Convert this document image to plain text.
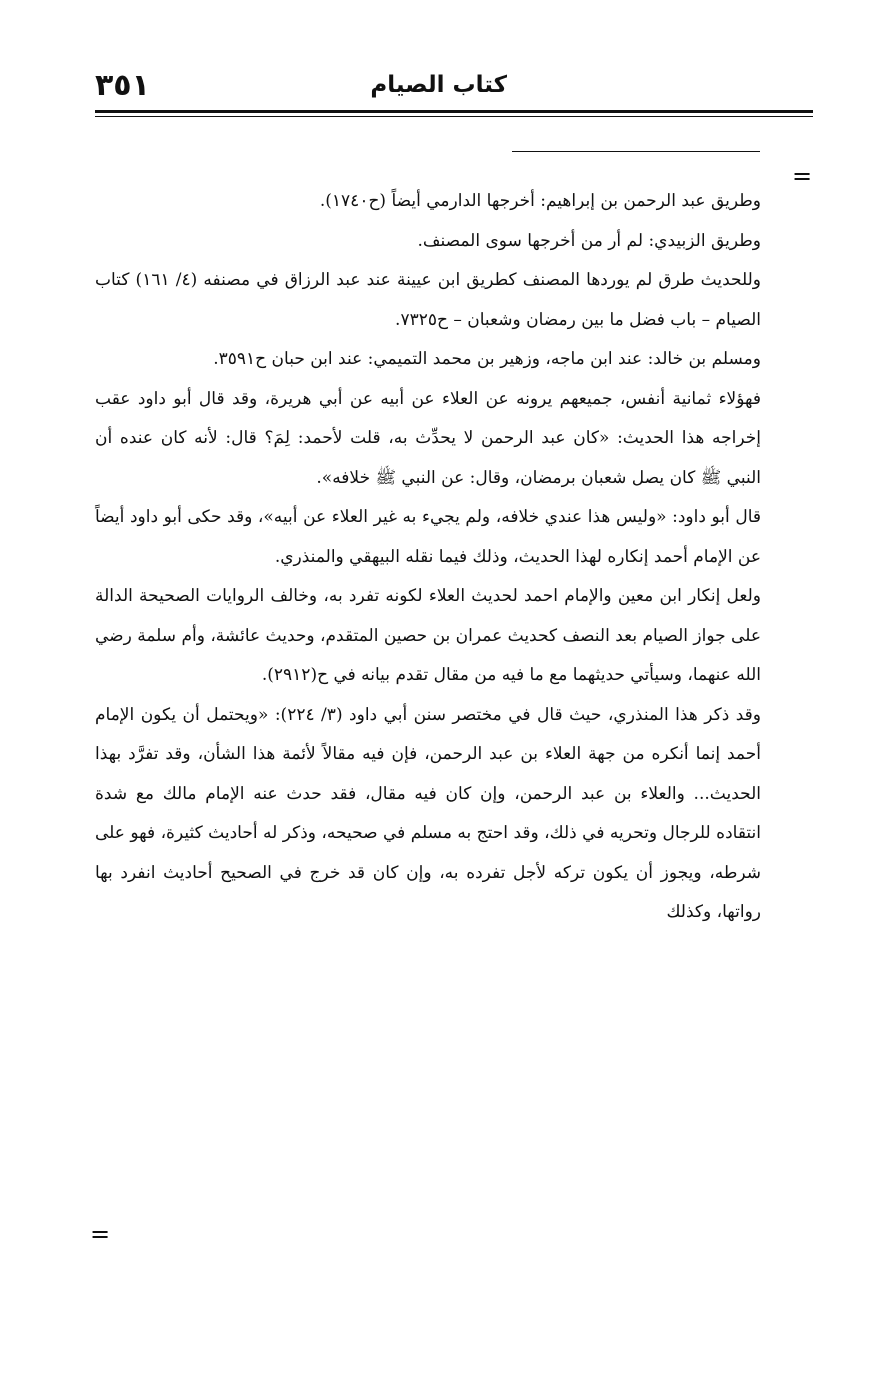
٣٥١	كتاب الصيام
=

وطريق عبد الرحمن بن إبراهيم: أخرجها الدارمي أيضاً (ح١٧٤٠).

وطريق الزبيدي: لم أر من أخرجها سوى المصنف.

وللحديث طرق لم يوردها المصنف كطريق ابن عيينة عند عبد الرزاق في مصنفه (٤/ ١٦١) كتاب الصيام – باب فضل ما بين رمضان وشعبان – ح٧٣٢٥.

ومسلم بن خالد: عند ابن ماجه، وزهير بن محمد التميمي: عند ابن حبان ح٣٥٩١.

فهؤلاء ثمانية أنفس، جميعهم يرونه عن العلاء عن أبيه عن أبي هريرة، وقد قال أبو داود عقب إخراجه هذا الحديث: «كان عبد الرحمن لا يحدِّث به، قلت لأحمد: لِمَ؟ قال: لأنه كان عنده أن النبي ﷺ كان يصل شعبان برمضان، وقال: عن النبي ﷺ خلافه».

قال أبو داود: «وليس هذا عندي خلافه، ولم يجيء به غير العلاء عن أبيه»، وقد حكى أبو داود أيضاً عن الإمام أحمد إنكاره لهذا الحديث، وذلك فيما نقله البيهقي والمنذري.

ولعل إنكار ابن معين والإمام احمد لحديث العلاء لكونه تفرد به، وخالف الروايات الصحيحة الدالة على جواز الصيام بعد النصف كحديث عمران بن حصين المتقدم، وحديث عائشة، وأم سلمة رضي الله عنهما، وسيأتي حديثهما مع ما فيه من مقال تقدم بيانه في ح(٢٩١٢).

وقد ذكر هذا المنذري، حيث قال في مختصر سنن أبي داود (٣/ ٢٢٤): «ويحتمل أن يكون الإمام أحمد إنما أنكره من جهة العلاء بن عبد الرحمن، فإن فيه مقالاً لأئمة هذا الشأن، وقد تفرَّد بهذا الحديث... والعلاء بن عبد الرحمن، وإن كان فيه مقال، فقد حدث عنه الإمام مالك مع شدة انتقاده للرجال وتحريه في ذلك، وقد احتج به مسلم في صحيحه، وذكر له أحاديث كثيرة، فهو على شرطه، ويجوز أن يكون تركه لأجل تفرده به، وإن كان قد خرج في الصحيح أحاديث انفرد بها رواتها، وكذلك

=
